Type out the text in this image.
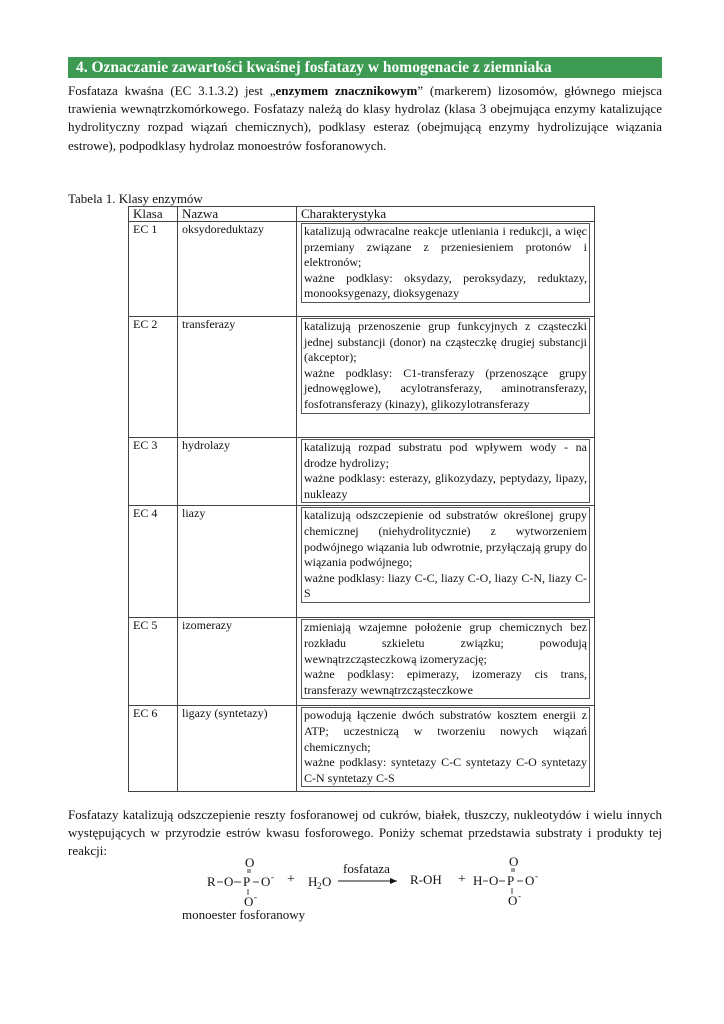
4. Oznaczanie zawartości kwaśnej fosfatazy w homogenacie z ziemniaka

Fosfataza kwaśna (EC 3.1.3.2) jest „enzymem znacznikowym” (markerem) lizosomów, głównego miejsca trawienia wewnątrzkomórkowego. Fosfatazy należą do klasy hydrolaz (klasa 3 obejmująca enzymy katalizujące hydrolityczny rozpad wiązań chemicznych), podklasy esteraz (obejmującą enzymy hydrolizujące wiązania estrowe), podpodklasy hydrolaz monoestrów fosforanowych.

Tabela 1. Klasy enzymów
Klasa	Nazwa	Charakterystyka
EC 1	oksydoreduktazy	katalizują odwracalne reakcje utleniania i redukcji, a więc przemiany związane z przeniesieniem protonów i elektronów;
ważne podklasy: oksydazy, peroksydazy, reduktazy, monooksygenazy, dioksygenazy

EC 2	transferazy	katalizują przenoszenie grup funkcyjnych z cząsteczki jednej substancji (donor) na cząsteczkę drugiej substancji (akceptor);
ważne podklasy: C1-transferazy (przenoszące grupy jednowęglowe), acylotransferazy, aminotransferazy, fosfotransferazy (kinazy), glikozylotransferazy

EC 3	hydrolazy	katalizują rozpad substratu pod wpływem wody - na drodze hydrolizy;
ważne podklasy: esterazy, glikozydazy, peptydazy, lipazy, nukleazy

EC 4	liazy	katalizują odszczepienie od substratów określonej grupy chemicznej (niehydrolitycznie) z wytworzeniem podwójnego wiązania lub odwrotnie, przyłączają grupy do wiązania podwójnego;
ważne podklasy: liazy C-C, liazy C-O, liazy C-N, liazy C-S

EC 5	izomerazy	zmieniają wzajemne położenie grup chemicznych bez rozkładu szkieletu związku; powodują wewnątrzcząsteczkową izomeryzację;
ważne podklasy: epimerazy, izomerazy cis trans, transferazy wewnątrzcząsteczkowe

EC 6	ligazy (syntetazy)	powodują łączenie dwóch substratów kosztem energii z ATP; uczestniczą w tworzeniu nowych wiązań chemicznych;
ważne podklasy: syntetazy C-C syntetazy C-O syntetazy C-N syntetazy C-S

Fosfatazy katalizują odszczepienie reszty fosforanowej od cukrów, białek, tłuszczy, nukleotydów i wielu innych występujących w przyrodzie estrów kwasu fosforowego. Poniży schemat przedstawia substraty i produkty tej reakcji:

O
R O P O -
O -
monoester fosforanowy
+ H 2 O
fosfataza
R-OH +
O
H O P O -
O -
